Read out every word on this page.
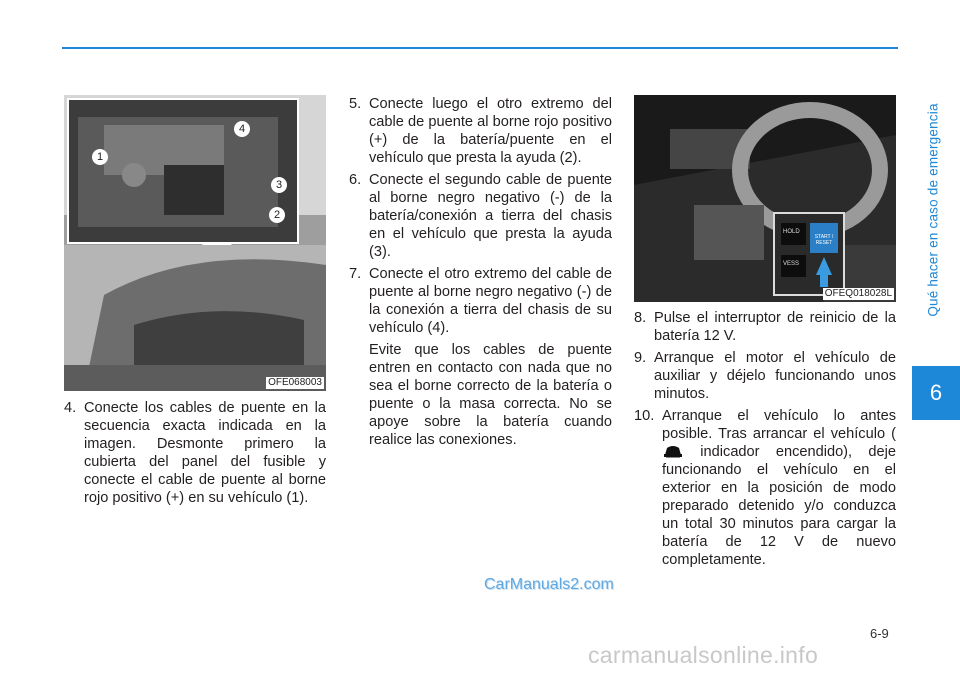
Qué hacer en caso de emergencia
6
1
2
3
4
OFE068003
HOLD
VESS
START / RESET
OFEQ018028L
4. Conecte los cables de puente en la secuencia exacta indicada en la imagen. Desmonte primero la cubierta del panel del fusible y conecte el cable de puente al borne rojo positivo (+) en su vehículo (1).
5. Conecte luego el otro extremo del cable de puente al borne rojo positivo (+) de la batería/puente en el vehículo que presta la ayuda (2).
6. Conecte el segundo cable de puente al borne negro negativo (-) de la batería/conexión a tierra del chasis en el vehículo que presta la ayuda (3).
7. Conecte el otro extremo del cable de puente al borne negro negativo (-) de la conexión a tierra del chasis de su vehículo (4).
Evite que los cables de puente entren en contacto con nada que no sea el borne correcto de la batería o puente o la masa correcta. No se apoye sobre la batería cuando realice las conexiones.
8. Pulse el interruptor de reinicio de la batería 12 V.
9. Arranque el motor el vehículo de auxiliar y déjelo funcionando unos minutos.
10. Arranque el vehículo lo antes posible. Tras arrancar el vehículo ( indicador encendido), deje funcionando el vehículo en el exterior en la posición de modo preparado detenido y/o conduzca un total 30 minutos para cargar la batería de 12 V de nuevo completamente.
CarManuals2.com
6-9
carmanualsonline.info
